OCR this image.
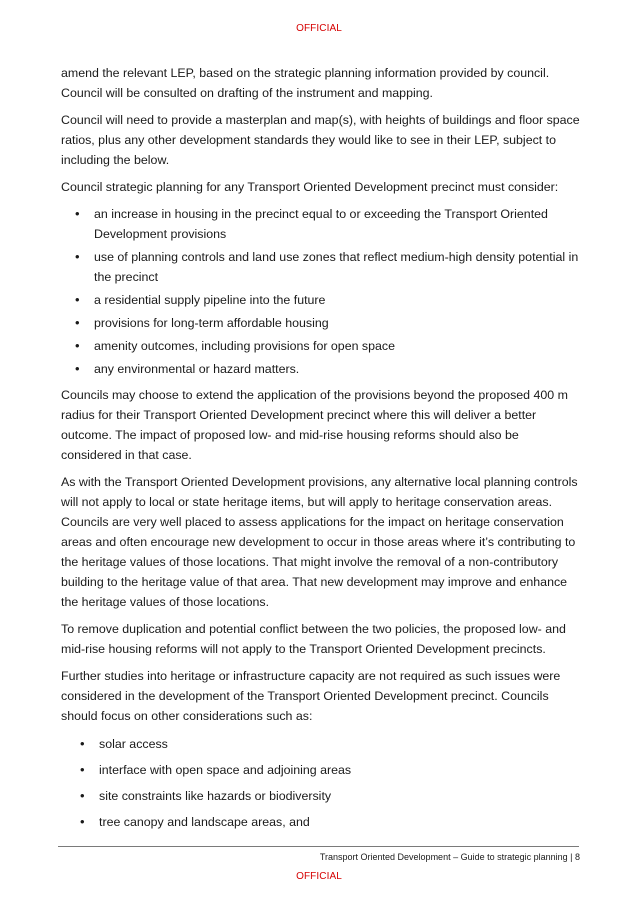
OFFICIAL

amend the relevant LEP, based on the strategic planning information provided by council. Council will be consulted on drafting of the instrument and mapping.

Council will need to provide a masterplan and map(s), with heights of buildings and floor space ratios, plus any other development standards they would like to see in their LEP, subject to including the below.

Council strategic planning for any Transport Oriented Development precinct must consider:

• an increase in housing in the precinct equal to or exceeding the Transport Oriented Development provisions
• use of planning controls and land use zones that reflect medium-high density potential in the precinct
• a residential supply pipeline into the future
• provisions for long-term affordable housing
• amenity outcomes, including provisions for open space
• any environmental or hazard matters.

Councils may choose to extend the application of the provisions beyond the proposed 400 m radius for their Transport Oriented Development precinct where this will deliver a better outcome. The impact of proposed low- and mid-rise housing reforms should also be considered in that case.

As with the Transport Oriented Development provisions, any alternative local planning controls will not apply to local or state heritage items, but will apply to heritage conservation areas. Councils are very well placed to assess applications for the impact on heritage conservation areas and often encourage new development to occur in those areas where it’s contributing to the heritage values of those locations. That might involve the removal of a non-contributory building to the heritage value of that area. That new development may improve and enhance the heritage values of those locations.

To remove duplication and potential conflict between the two policies, the proposed low- and mid-rise housing reforms will not apply to the Transport Oriented Development precincts.

Further studies into heritage or infrastructure capacity are not required as such issues were considered in the development of the Transport Oriented Development precinct. Councils should focus on other considerations such as:

• solar access
• interface with open space and adjoining areas
• site constraints like hazards or biodiversity
• tree canopy and landscape areas, and
Transport Oriented Development – Guide to strategic planning | 8
OFFICIAL
